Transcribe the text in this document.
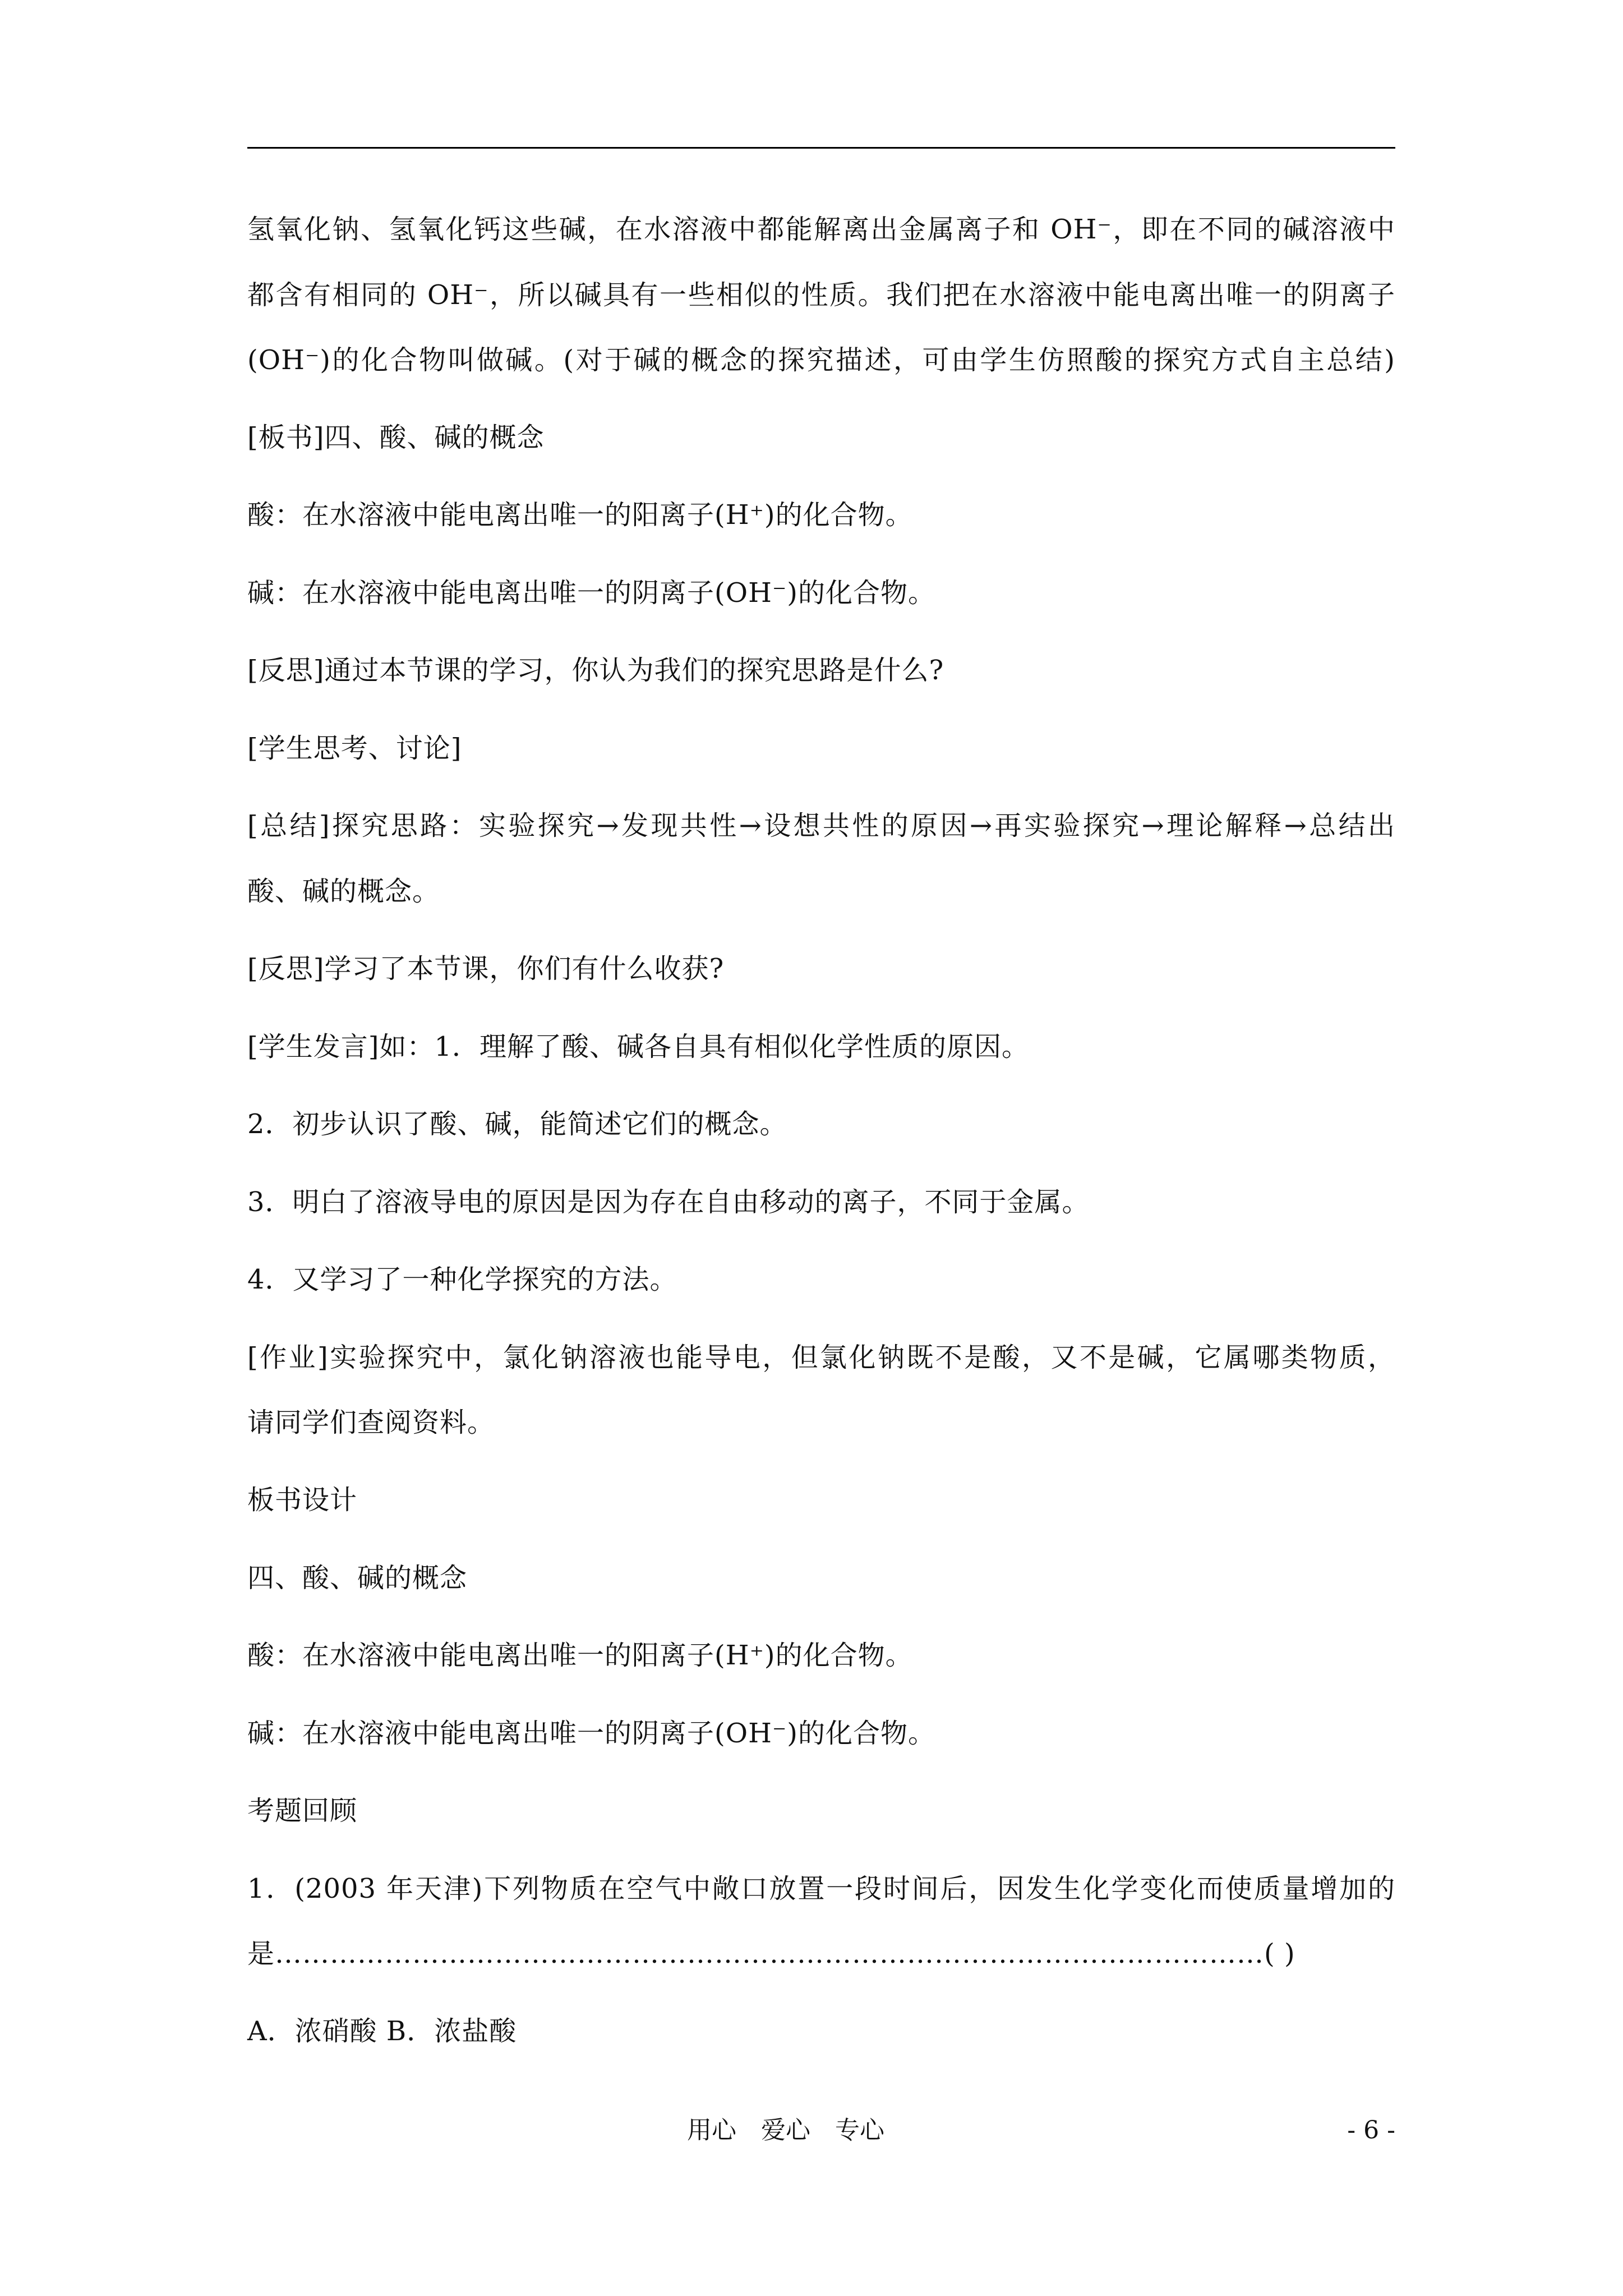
氢氧化钠、氢氧化钙这些碱，在水溶液中都能解离出金属离子和 OH⁻，即在不同的碱溶液中
都含有相同的 OH⁻，所以碱具有一些相似的性质。我们把在水溶液中能电离出唯一的阴离子
(OH⁻)的化合物叫做碱。(对于碱的概念的探究描述，可由学生仿照酸的探究方式自主总结)
[板书]四、酸、碱的概念
酸：在水溶液中能电离出唯一的阳离子(H⁺)的化合物。
碱：在水溶液中能电离出唯一的阴离子(OH⁻)的化合物。
[反思]通过本节课的学习，你认为我们的探究思路是什么?
[学生思考、讨论]
[总结]探究思路：实验探究→发现共性→设想共性的原因→再实验探究→理论解释→总结出
酸、碱的概念。
[反思]学习了本节课，你们有什么收获?
[学生发言]如：1．理解了酸、碱各自具有相似化学性质的原因。
2．初步认识了酸、碱，能简述它们的概念。
3．明白了溶液导电的原因是因为存在自由移动的离子，不同于金属。
4．又学习了一种化学探究的方法。
[作业]实验探究中，氯化钠溶液也能导电，但氯化钠既不是酸，又不是碱，它属哪类物质，
请同学们查阅资料。
板书设计
四、酸、碱的概念
酸：在水溶液中能电离出唯一的阳离子(H⁺)的化合物。
碱：在水溶液中能电离出唯一的阴离子(OH⁻)的化合物。
考题回顾
1．(2003 年天津)下列物质在空气中敞口放置一段时间后，因发生化学变化而使质量增加的
是………………………………………………………………………………………………( )
A．浓硝酸 B．浓盐酸
用心　爱心　专心	- 6 -
